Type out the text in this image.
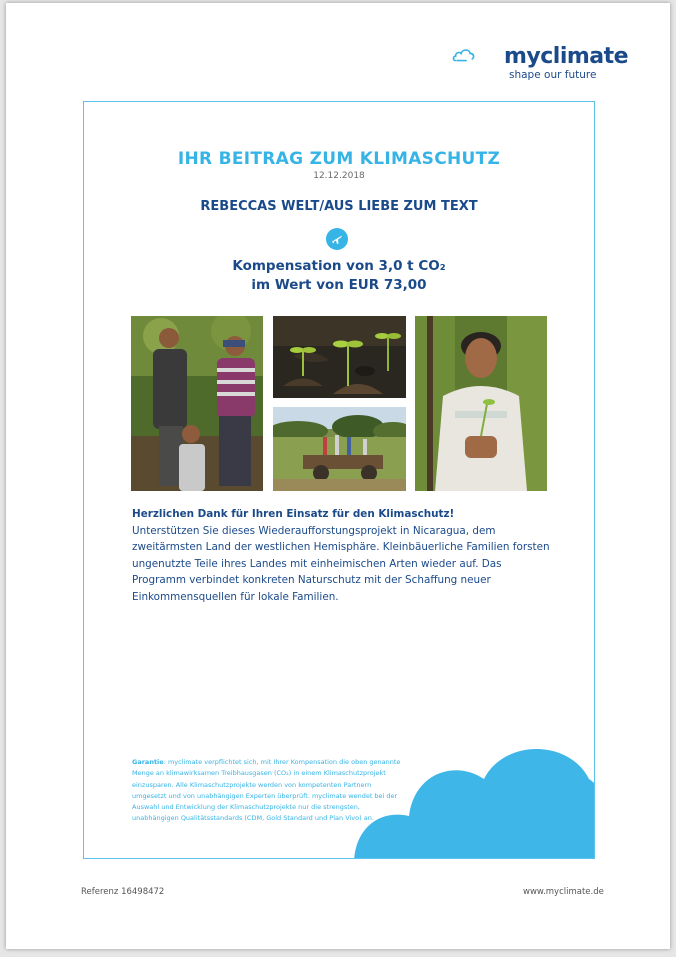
myclimate
shape our future
IHR BEITRAG ZUM KLIMASCHUTZ
12.12.2018
REBECCAS WELT/AUS LIEBE ZUM TEXT
Kompensation von 3,0 t CO₂
im Wert von EUR 73,00
Herzlichen Dank für Ihren Einsatz für den Klimaschutz!
Unterstützen Sie dieses Wiederaufforstungsprojekt in Nicaragua, dem zweitärmsten Land der westlichen Hemisphäre. Kleinbäuerliche Familien forsten ungenutzte Teile ihres Landes mit einheimischen Arten wieder auf. Das Programm verbindet konkreten Naturschutz mit der Schaffung neuer Einkommensquellen für lokale Familien.
Garantie: myclimate verpflichtet sich, mit Ihrer Kompensation die oben genannte Menge an klimawirksamen Treibhausgasen (CO₂) in einem Klimaschutzprojekt einzusparen. Alle Klimaschutzprojekte werden von kompetenten Partnern umgesetzt und von unabhängigen Experten überprüft. myclimate wendet bei der Auswahl und Entwicklung der Klimaschutzprojekte nur die strengsten, unabhängigen Qualitätsstandards (CDM, Gold Standard und Plan Vivo) an.
Referenz 16498472	www.myclimate.de
